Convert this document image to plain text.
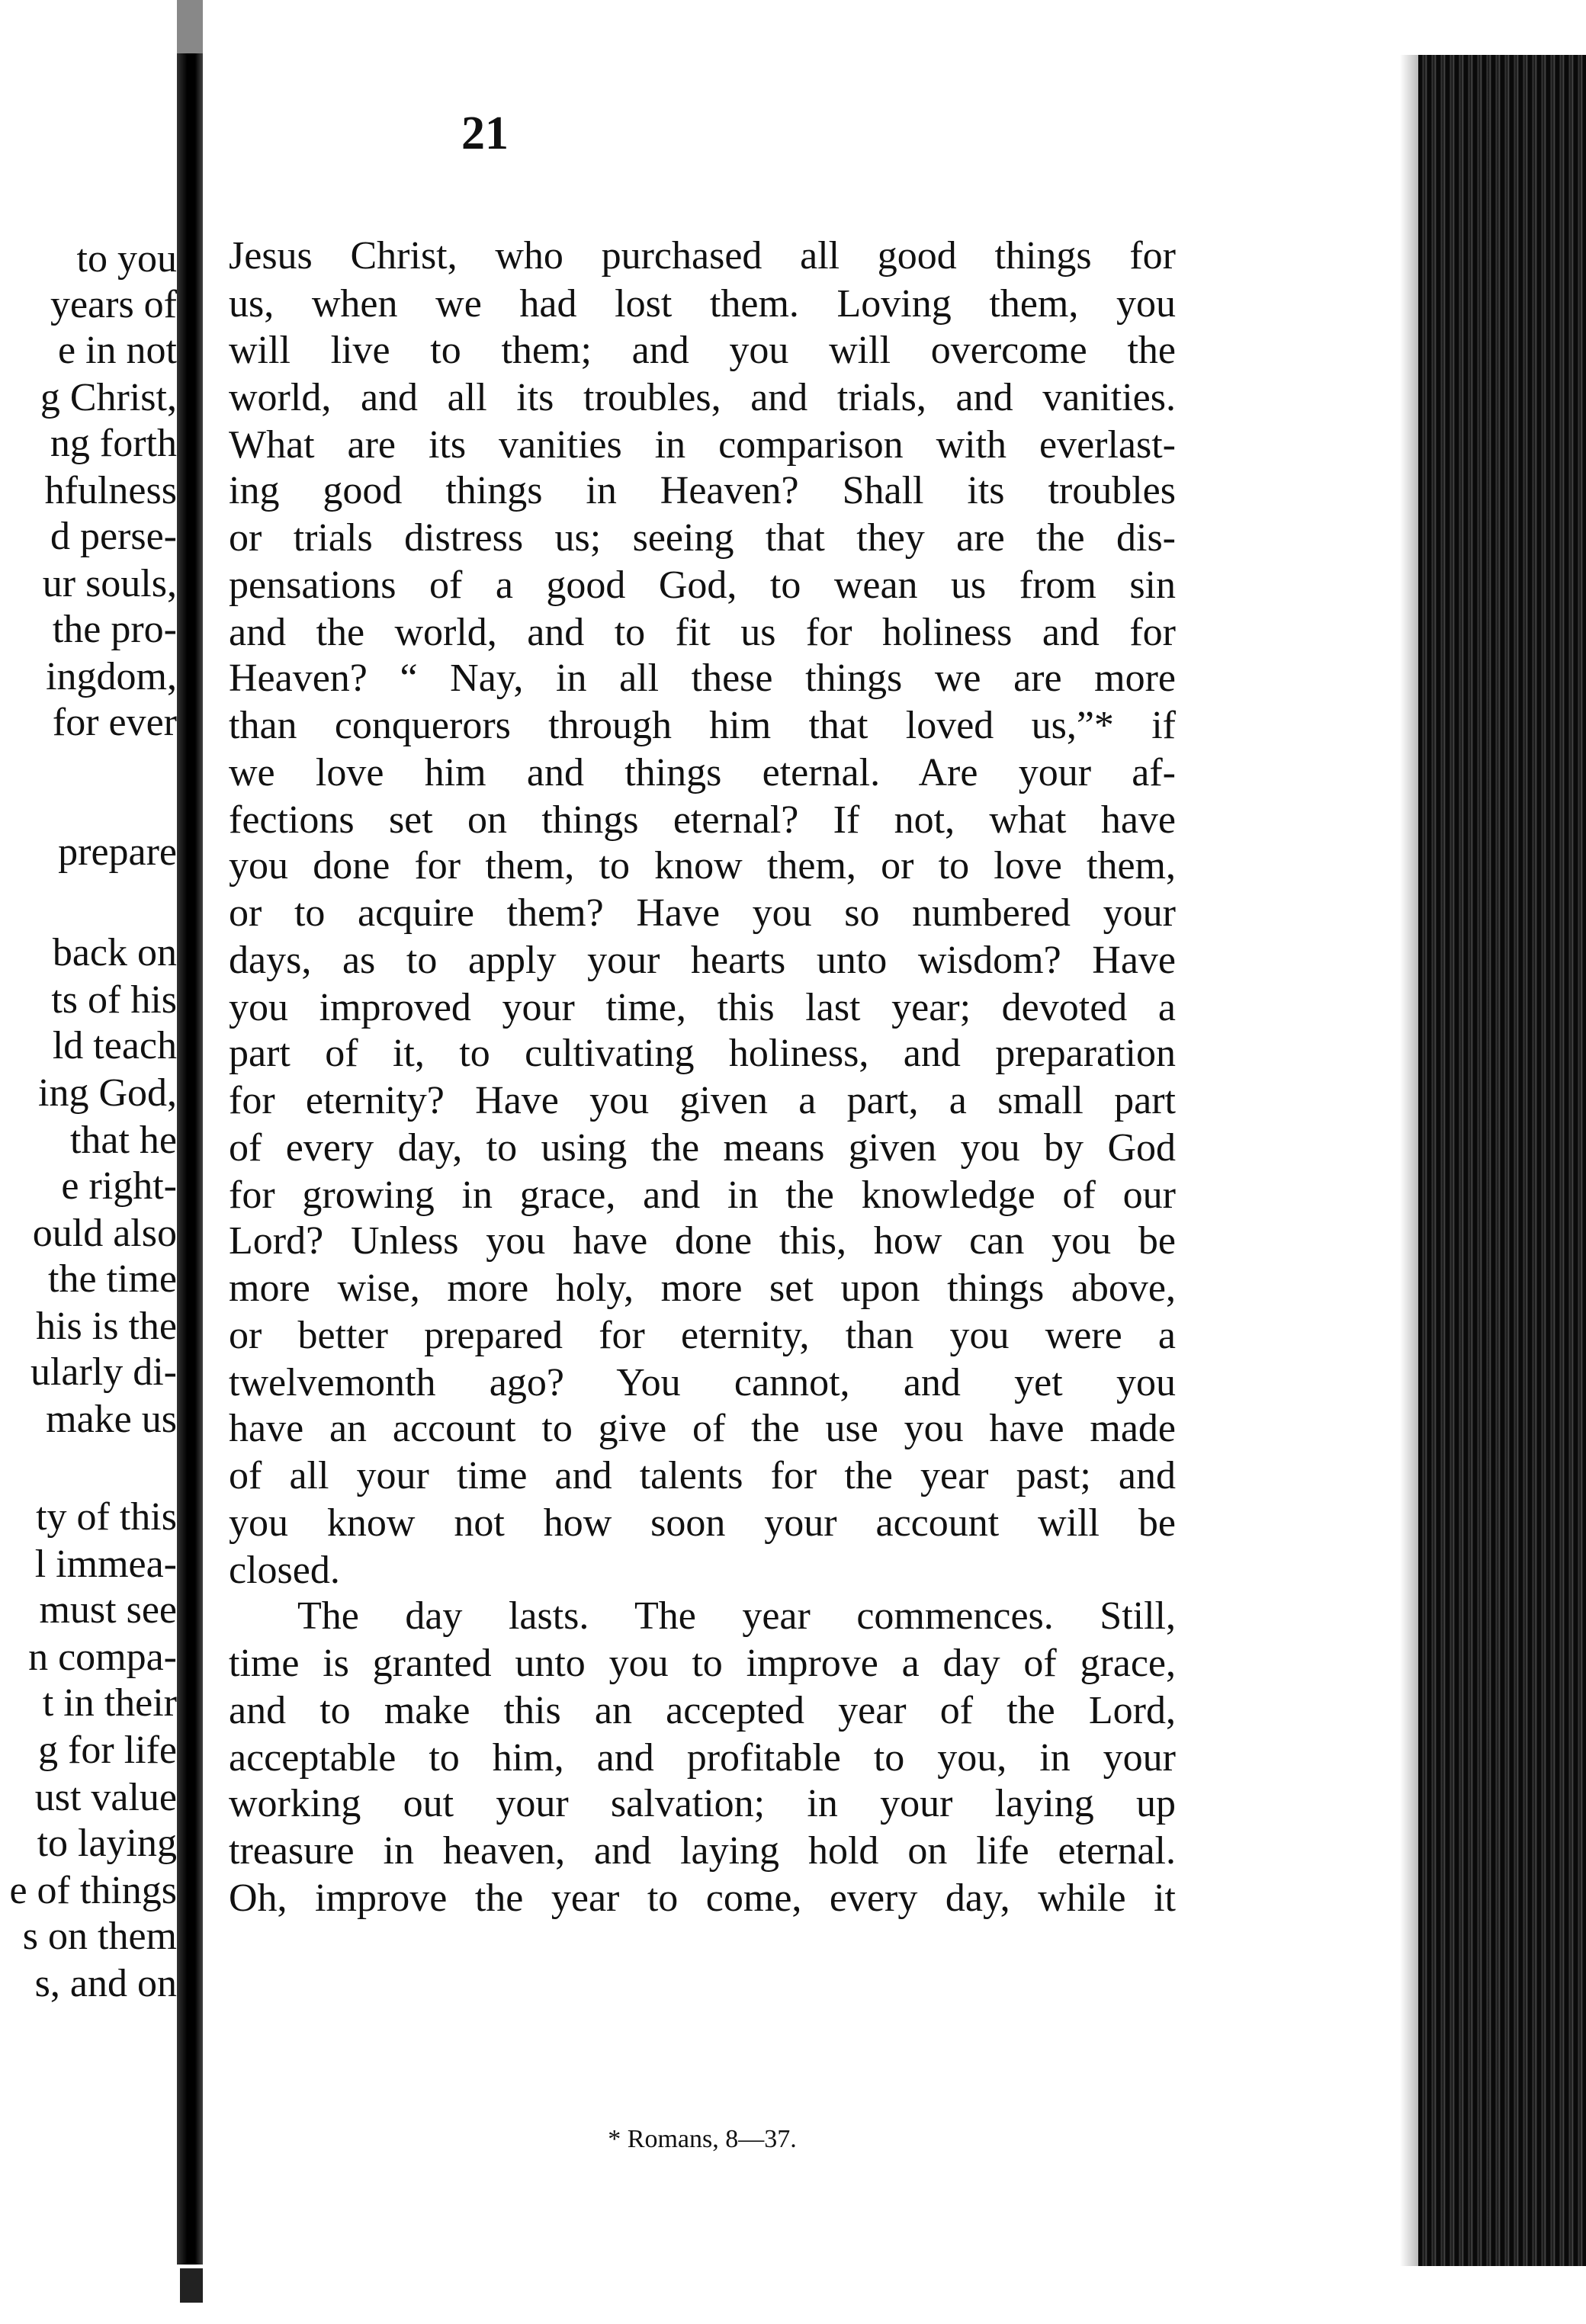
to you
years of
e in not
g Christ,
ng forth
hfulness
d perse-
ur souls,
the pro-
ingdom,
for ever
prepare
back on
ts of his
ld teach
ing God,
that he
e right-
ould also
the time
his is the
ularly di-
make us
ty of this
l immea-
must see
n compa-
t in their
g for life
ust value
to laying
e of things
s on them
s, and on
21
Jesus Christ, who purchased all good things for
us, when we had lost them. Loving them, you
will live to them; and you will overcome the
world, and all its troubles, and trials, and vanities.
What are its vanities in comparison with everlast-
ing good things in Heaven? Shall its troubles
or trials distress us; seeing that they are the dis-
pensations of a good God, to wean us from sin
and the world, and to fit us for holiness and for
Heaven? “ Nay, in all these things we are more
than conquerors through him that loved us,”* if
we love him and things eternal. Are your af-
fections set on things eternal? If not, what have
you done for them, to know them, or to love them,
or to acquire them? Have you so numbered your
days, as to apply your hearts unto wisdom? Have
you improved your time, this last year; devoted a
part of it, to cultivating holiness, and preparation
for eternity? Have you given a part, a small part
of every day, to using the means given you by God
for growing in grace, and in the knowledge of our
Lord? Unless you have done this, how can you be
more wise, more holy, more set upon things above,
or better prepared for eternity, than you were a
twelvemonth ago? You cannot, and yet you
have an account to give of the use you have made
of all your time and talents for the year past; and
you know not how soon your account will be
closed.
The day lasts. The year commences. Still,
time is granted unto you to improve a day of grace,
and to make this an accepted year of the Lord,
acceptable to him, and profitable to you, in your
working out your salvation; in your laying up
treasure in heaven, and laying hold on life eternal.
Oh, improve the year to come, every day, while it
* Romans, 8—37.
